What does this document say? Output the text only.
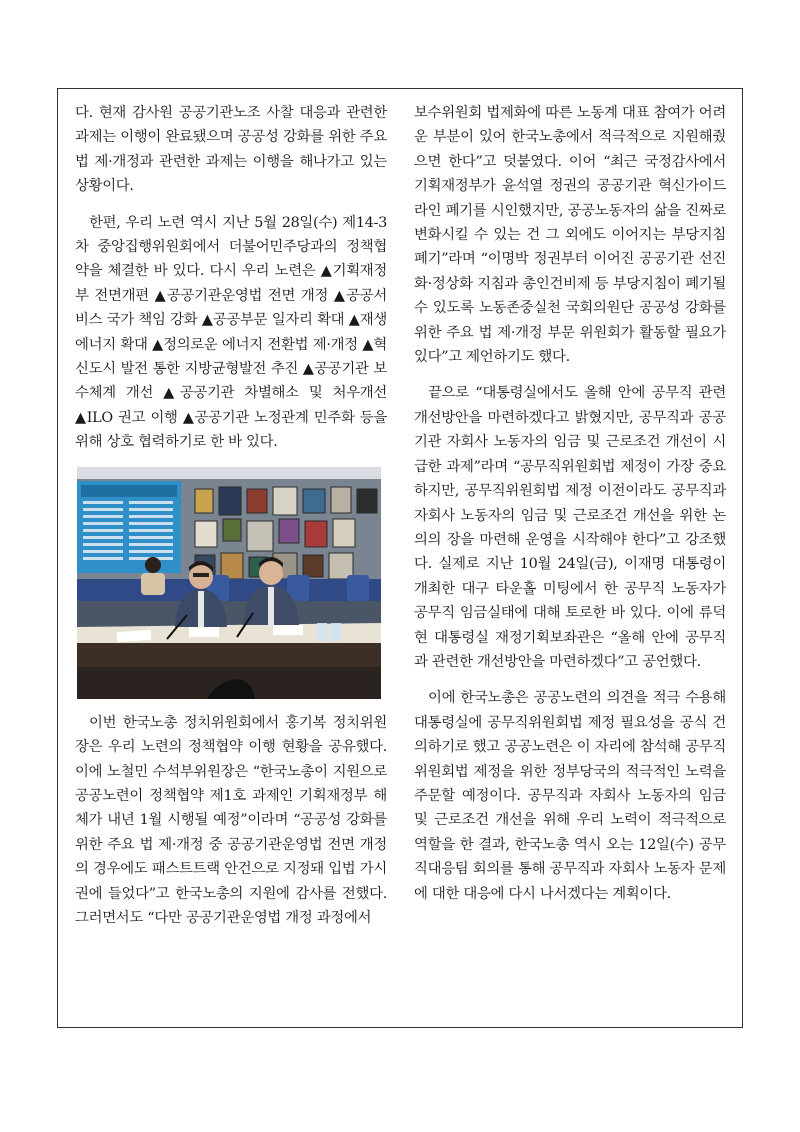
다. 현재 감사원 공공기관노조 사찰 대응과 관련한 과제는 이행이 완료됐으며 공공성 강화를 위한 주요 법 제·개정과 관련한 과제는 이행을 해나가고 있는 상황이다.

한편, 우리 노련 역시 지난 5월 28일(수) 제14-3차 중앙집행위원회에서 더불어민주당과의 정책협약을 체결한 바 있다. 다시 우리 노련은 ▲기획재정부 전면개편 ▲공공기관운영법 전면 개정 ▲공공서비스 국가 책임 강화 ▲공공부문 일자리 확대 ▲재생에너지 확대 ▲정의로운 에너지 전환법 제·개정 ▲혁신도시 발전 통한 지방균형발전 추진 ▲공공기관 보수체계 개선 ▲공공기관 차별해소 및 처우개선 ▲ILO 권고 이행 ▲공공기관 노정관계 민주화 등을 위해 상호 협력하기로 한 바 있다.

이번 한국노총 정치위원회에서 홍기복 정치위원장은 우리 노련의 정책협약 이행 현황을 공유했다. 이에 노철민 수석부위원장은 “한국노총이 지원으로 공공노련이 정책협약 제1호 과제인 기획재정부 해체가 내년 1월 시행될 예정”이라며 “공공성 강화를 위한 주요 법 제·개정 중 공공기관운영법 전면 개정의 경우에도 패스트트랙 안건으로 지정돼 입법 가시권에 들었다”고 한국노총의 지원에 감사를 전했다. 그러면서도 “다만 공공기관운영법 개정 과정에서

보수위원회 법제화에 따른 노동계 대표 참여가 어려운 부분이 있어 한국노총에서 적극적으로 지원해줬으면 한다”고 덧붙였다. 이어 “최근 국정감사에서 기획재정부가 윤석열 정권의 공공기관 혁신가이드라인 폐기를 시인했지만, 공공노동자의 삶을 진짜로 변화시킬 수 있는 건 그 외에도 이어지는 부당지침 폐기”라며 “이명박 정권부터 이어진 공공기관 선진화·정상화 지침과 총인건비제 등 부당지침이 폐기될 수 있도록 노동존중실천 국회의원단 공공성 강화를 위한 주요 법 제·개정 부문 위원회가 활동할 필요가 있다”고 제언하기도 했다.

끝으로 “대통령실에서도 올해 안에 공무직 관련 개선방안을 마련하겠다고 밝혔지만, 공무직과 공공기관 자회사 노동자의 임금 및 근로조건 개선이 시급한 과제”라며 “공무직위원회법 제정이 가장 중요하지만, 공무직위원회법 제정 이전이라도 공무직과 자회사 노동자의 임금 및 근로조건 개선을 위한 논의의 장을 마련해 운영을 시작해야 한다”고 강조했다. 실제로 지난 10월 24일(금), 이재명 대통령이 개최한 대구 타운홀 미팅에서 한 공무직 노동자가 공무직 임금실태에 대해 토로한 바 있다. 이에 류덕현 대통령실 재정기획보좌관은 “올해 안에 공무직과 관련한 개선방안을 마련하겠다”고 공언했다.

이에 한국노총은 공공노련의 의견을 적극 수용해 대통령실에 공무직위원회법 제정 필요성을 공식 건의하기로 했고 공공노련은 이 자리에 참석해 공무직위원회법 제정을 위한 정부당국의 적극적인 노력을 주문할 예정이다. 공무직과 자회사 노동자의 임금 및 근로조건 개선을 위해 우리 노력이 적극적으로 역할을 한 결과, 한국노총 역시 오는 12일(수) 공무직대응팀 회의를 통해 공무직과 자회사 노동자 문제에 대한 대응에 다시 나서겠다는 계획이다.
